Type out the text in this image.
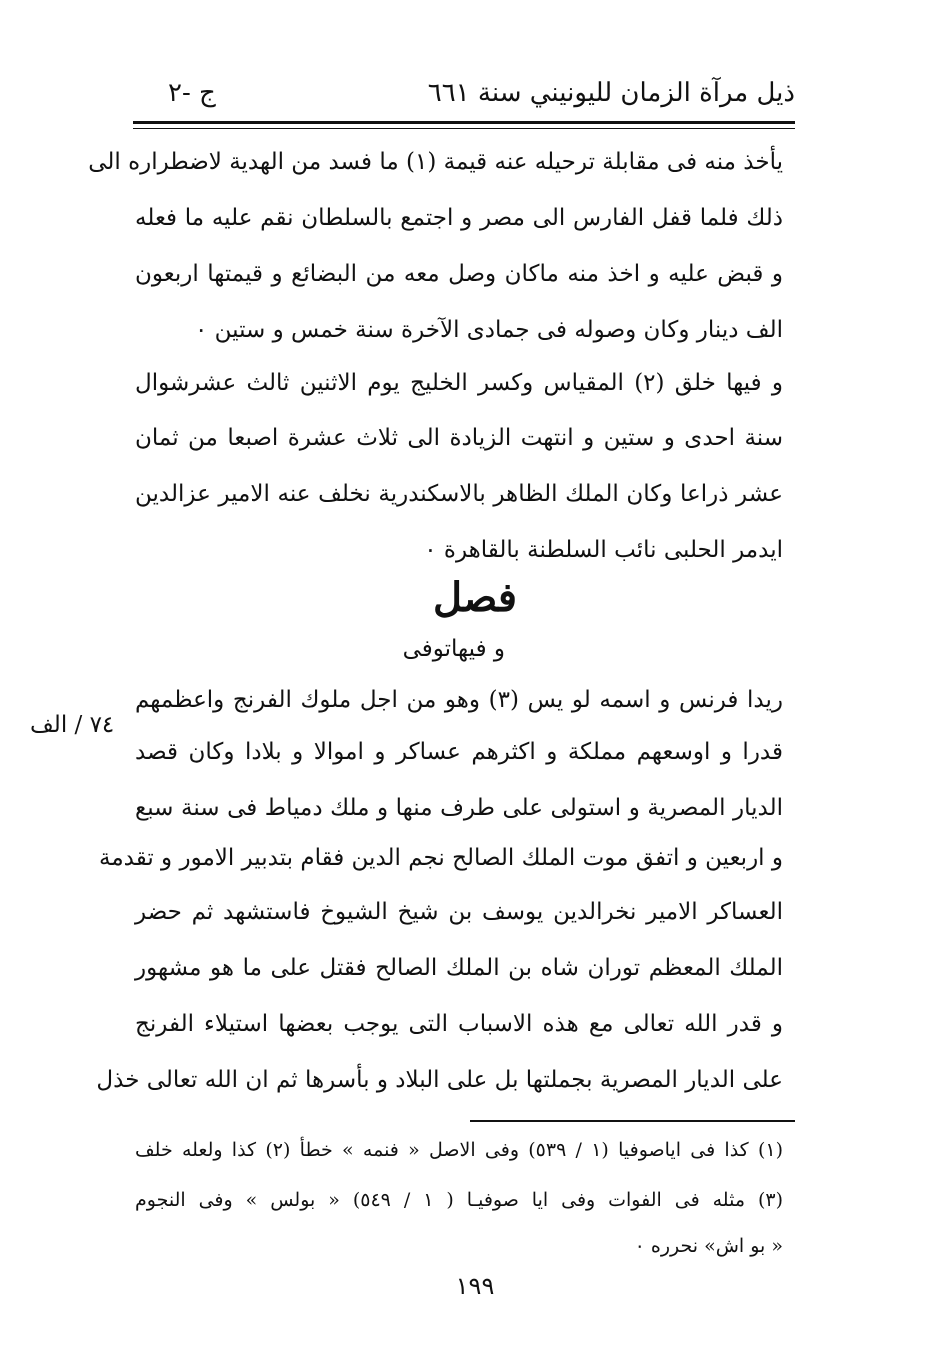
ذيل مرآة الزمان لليونيني سنة ٦٦١
ج -٢
يأخذ منه فى مقابلة ترحيله عنه قيمة (١) ما فسد من الهدية لاضطراره الى
ذلك فلما قفل الفارس الى مصر و اجتمع بالسلطان نقم عليه ما فعله
و قبض عليه و اخذ منه ماكان وصل معه من البضائع و قيمتها اربعون
الف دينار وكان وصوله فى جمادى الآخرة سنة خمس و ستين ٠
و فيها خلق (٢) المقياس وكسر الخليج يوم الاثنين ثالث عشرشوال
سنة احدى و ستين و انتهت الزيادة الى ثلاث عشرة اصبعا من ثمان
عشر ذراعا وكان الملك الظاهر بالاسكندرية نخلف عنه الامير عزالدين
ايدمر الحلبى نائب السلطنة بالقاهرة ٠
فصل
و فيهاتوفى
٧٤ / الف
ريدا فرنس و اسمه لو يس (٣) وهو من اجل ملوك الفرنج واعظمهم
قدرا و اوسعهم مملكة و اكثرهم عساكر و اموالا و بلادا وكان قصد
الديار المصرية و استولى على طرف منها و ملك دمياط فى سنة سبع
و اربعين و اتفق موت الملك الصالح نجم الدين فقام بتدبير الامور و تقدمة
العساكر الامير نخرالدين يوسف بن شيخ الشيوخ فاستشهد ثم حضر
الملك المعظم توران شاه بن الملك الصالح فقتل على ما هو مشهور
و قدر الله تعالى مع هذه الاسباب التى يوجب بعضها استيلاء الفرنج
على الديار المصرية بجملتها بل على البلاد و بأسرها ثم ان الله تعالى خذل
(١) كذا فى اياصوفيا (١ / ٥٣٩) وفى الاصل « فنمه » خطأ (٢) كذا ولعله خلف
(٣) مثله فى الفوات وفى ايا صوفيـا ( ١ / ٥٤٩) « بولس » وفى النجوم
« بو اش» نحرره ٠
١٩٩
